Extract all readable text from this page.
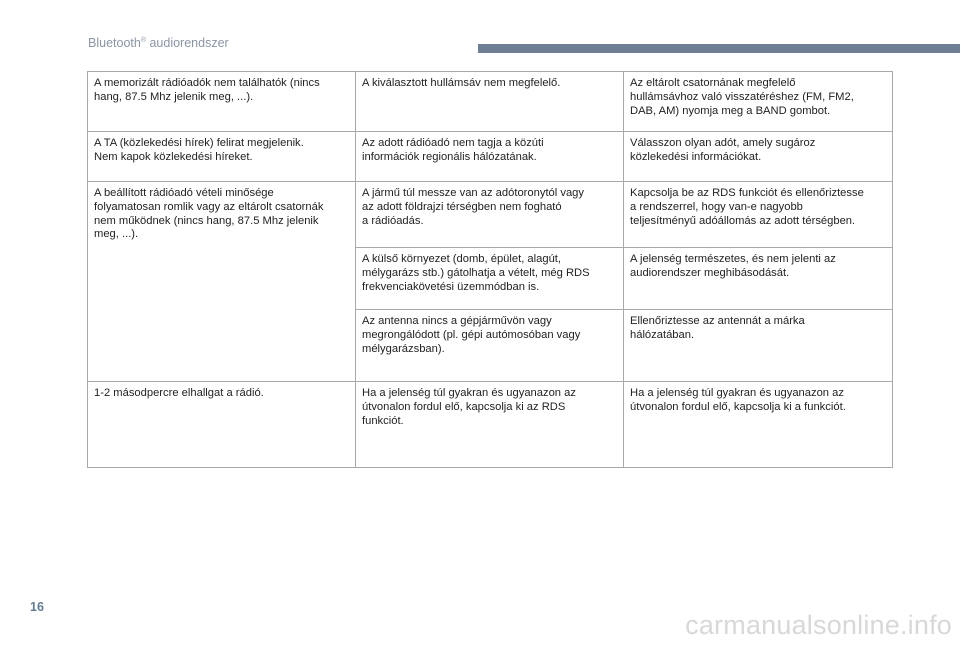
Bluetooth® audiorendszer
A memorizált rádióadók nem találhatók (nincs
hang, 87.5 Mhz jelenik meg, ...).	A kiválasztott hullámsáv nem megfelelő.	Az eltárolt csatornának megfelelő
hullámsávhoz való visszatéréshez (FM, FM2,
DAB, AM) nyomja meg a BAND gombot.

A TA (közlekedési hírek) felirat megjelenik.
Nem kapok közlekedési híreket.	Az adott rádióadó nem tagja a közúti
információk regionális hálózatának.	Válasszon olyan adót, amely sugároz
közlekedési információkat.

A beállított rádióadó vételi minősége
folyamatosan romlik vagy az eltárolt csatornák
nem működnek (nincs hang, 87.5 Mhz jelenik
meg, ...).	A jármű túl messze van az adótoronytól vagy
az adott földrajzi térségben nem fogható
a rádióadás.	Kapcsolja be az RDS funkciót és ellenőriztesse
a rendszerrel, hogy van-e nagyobb
teljesítményű adóállomás az adott térségben.

	A külső környezet (domb, épület, alagút,
mélygarázs stb.) gátolhatja a vételt, még RDS
frekvenciakövetési üzemmódban is.	A jelenség természetes, és nem jelenti az
audiorendszer meghibásodását.

	Az antenna nincs a gépjárművön vagy
megrongálódott (pl. gépi autómosóban vagy
mélygarázsban).	Ellenőriztesse az antennát a márka
hálózatában.

1-2 másodpercre elhallgat a rádió.	Ha a jelenség túl gyakran és ugyanazon az
útvonalon fordul elő, kapcsolja ki az RDS
funkciót.	Ha a jelenség túl gyakran és ugyanazon az
útvonalon fordul elő, kapcsolja ki a funkciót.
16
carmanualsonline.info
